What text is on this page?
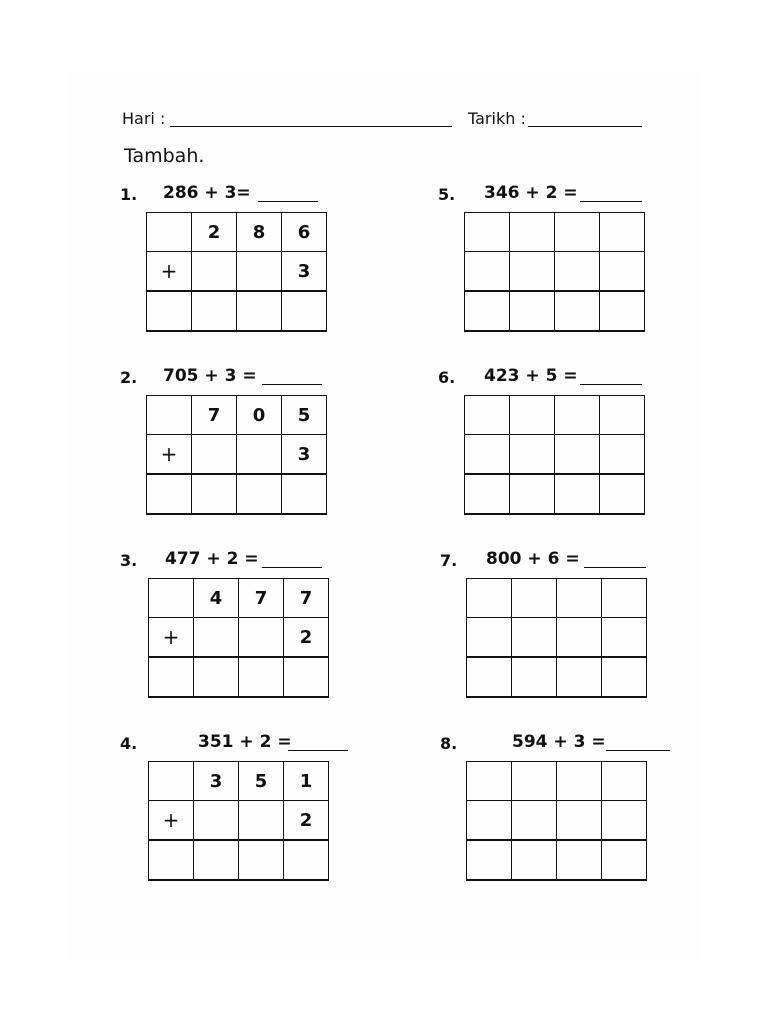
Hari :	Tarikh :
Tambah.
1. 286 + 3=
	2	8	6
+			3

2. 705 + 3 =
	7	0	5
+			3

3. 477 + 2 =
	4	7	7
+			2

4.	351 + 2 =
	3	5	1
+			2

5. 346 + 2 =

6. 423 + 5 =

7. 800 + 6 =

8.	594 + 3 =
